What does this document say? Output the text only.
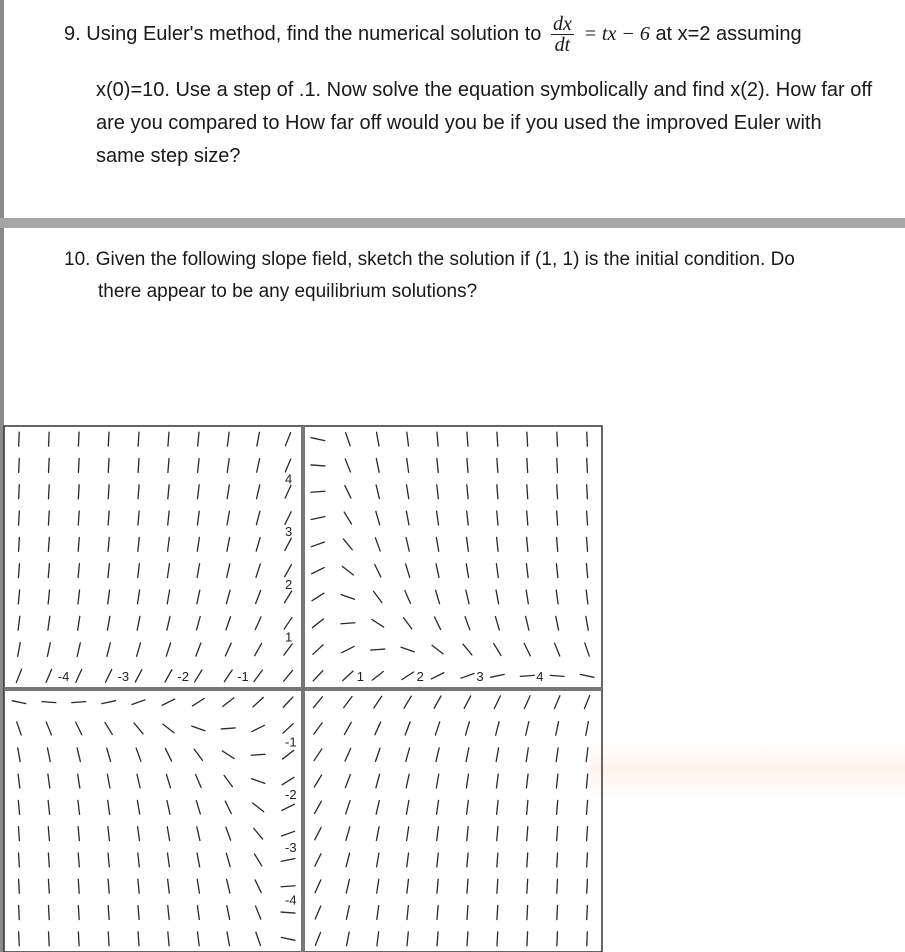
9. Using Euler's method, find the numerical solution to $\frac{dx}{dt}$ = tx − 6 at x=2 assuming
x(0)=10. Use a step of .1. Now solve the equation symbolically and find x(2). How far off are you compared to How far off would you be if you used the improved Euler with same step size?
10. Given the following slope field, sketch the solution if (1, 1) is the initial condition. Do
there appear to be any equilibrium solutions?
-4	-3	-2	-1	1	2	3	4
4
3
2
1
-1
-2
-3
-4
